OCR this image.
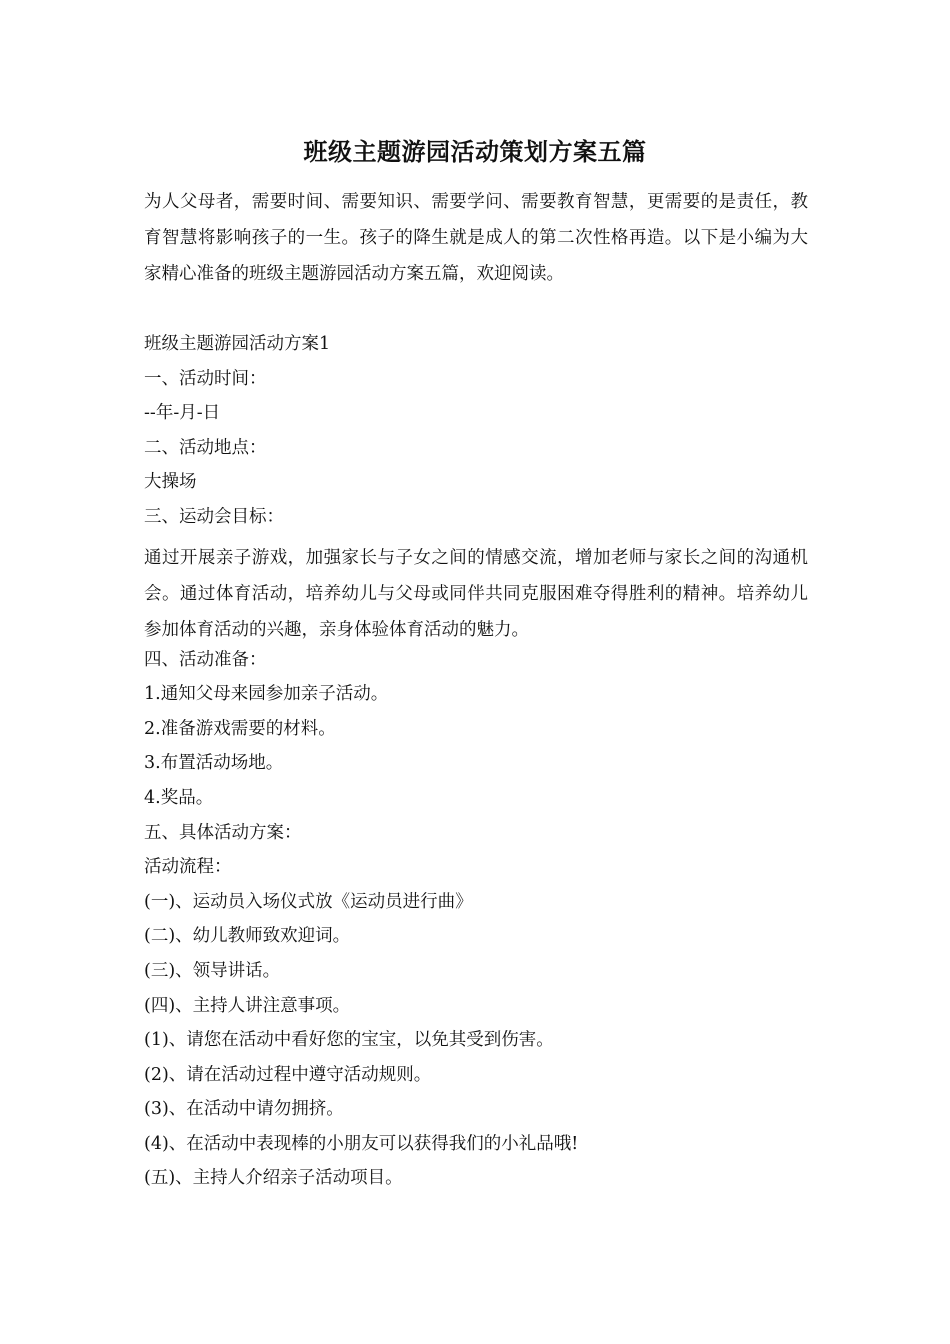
班级主题游园活动策划方案五篇

为人父母者，需要时间、需要知识、需要学问、需要教育智慧，更需要的是责任，教育智慧将影响孩子的一生。孩子的降生就是成人的第二次性格再造。以下是小编为大家精心准备的班级主题游园活动方案五篇，欢迎阅读。

班级主题游园活动方案1
一、活动时间：
--年-月-日
二、活动地点：
大操场
三、运动会目标：
通过开展亲子游戏，加强家长与子女之间的情感交流，增加老师与家长之间的沟通机会。通过体育活动，培养幼儿与父母或同伴共同克服困难夺得胜利的精神。培养幼儿参加体育活动的兴趣，亲身体验体育活动的魅力。
四、活动准备：
1.通知父母来园参加亲子活动。
2.准备游戏需要的材料。
3.布置活动场地。
4.奖品。
五、具体活动方案：
活动流程：
(一)、运动员入场仪式放《运动员进行曲》
(二)、幼儿教师致欢迎词。
(三)、领导讲话。
(四)、主持人讲注意事项。
(1)、请您在活动中看好您的宝宝，以免其受到伤害。
(2)、请在活动过程中遵守活动规则。
(3)、在活动中请勿拥挤。
(4)、在活动中表现棒的小朋友可以获得我们的小礼品哦!
(五)、主持人介绍亲子活动项目。
